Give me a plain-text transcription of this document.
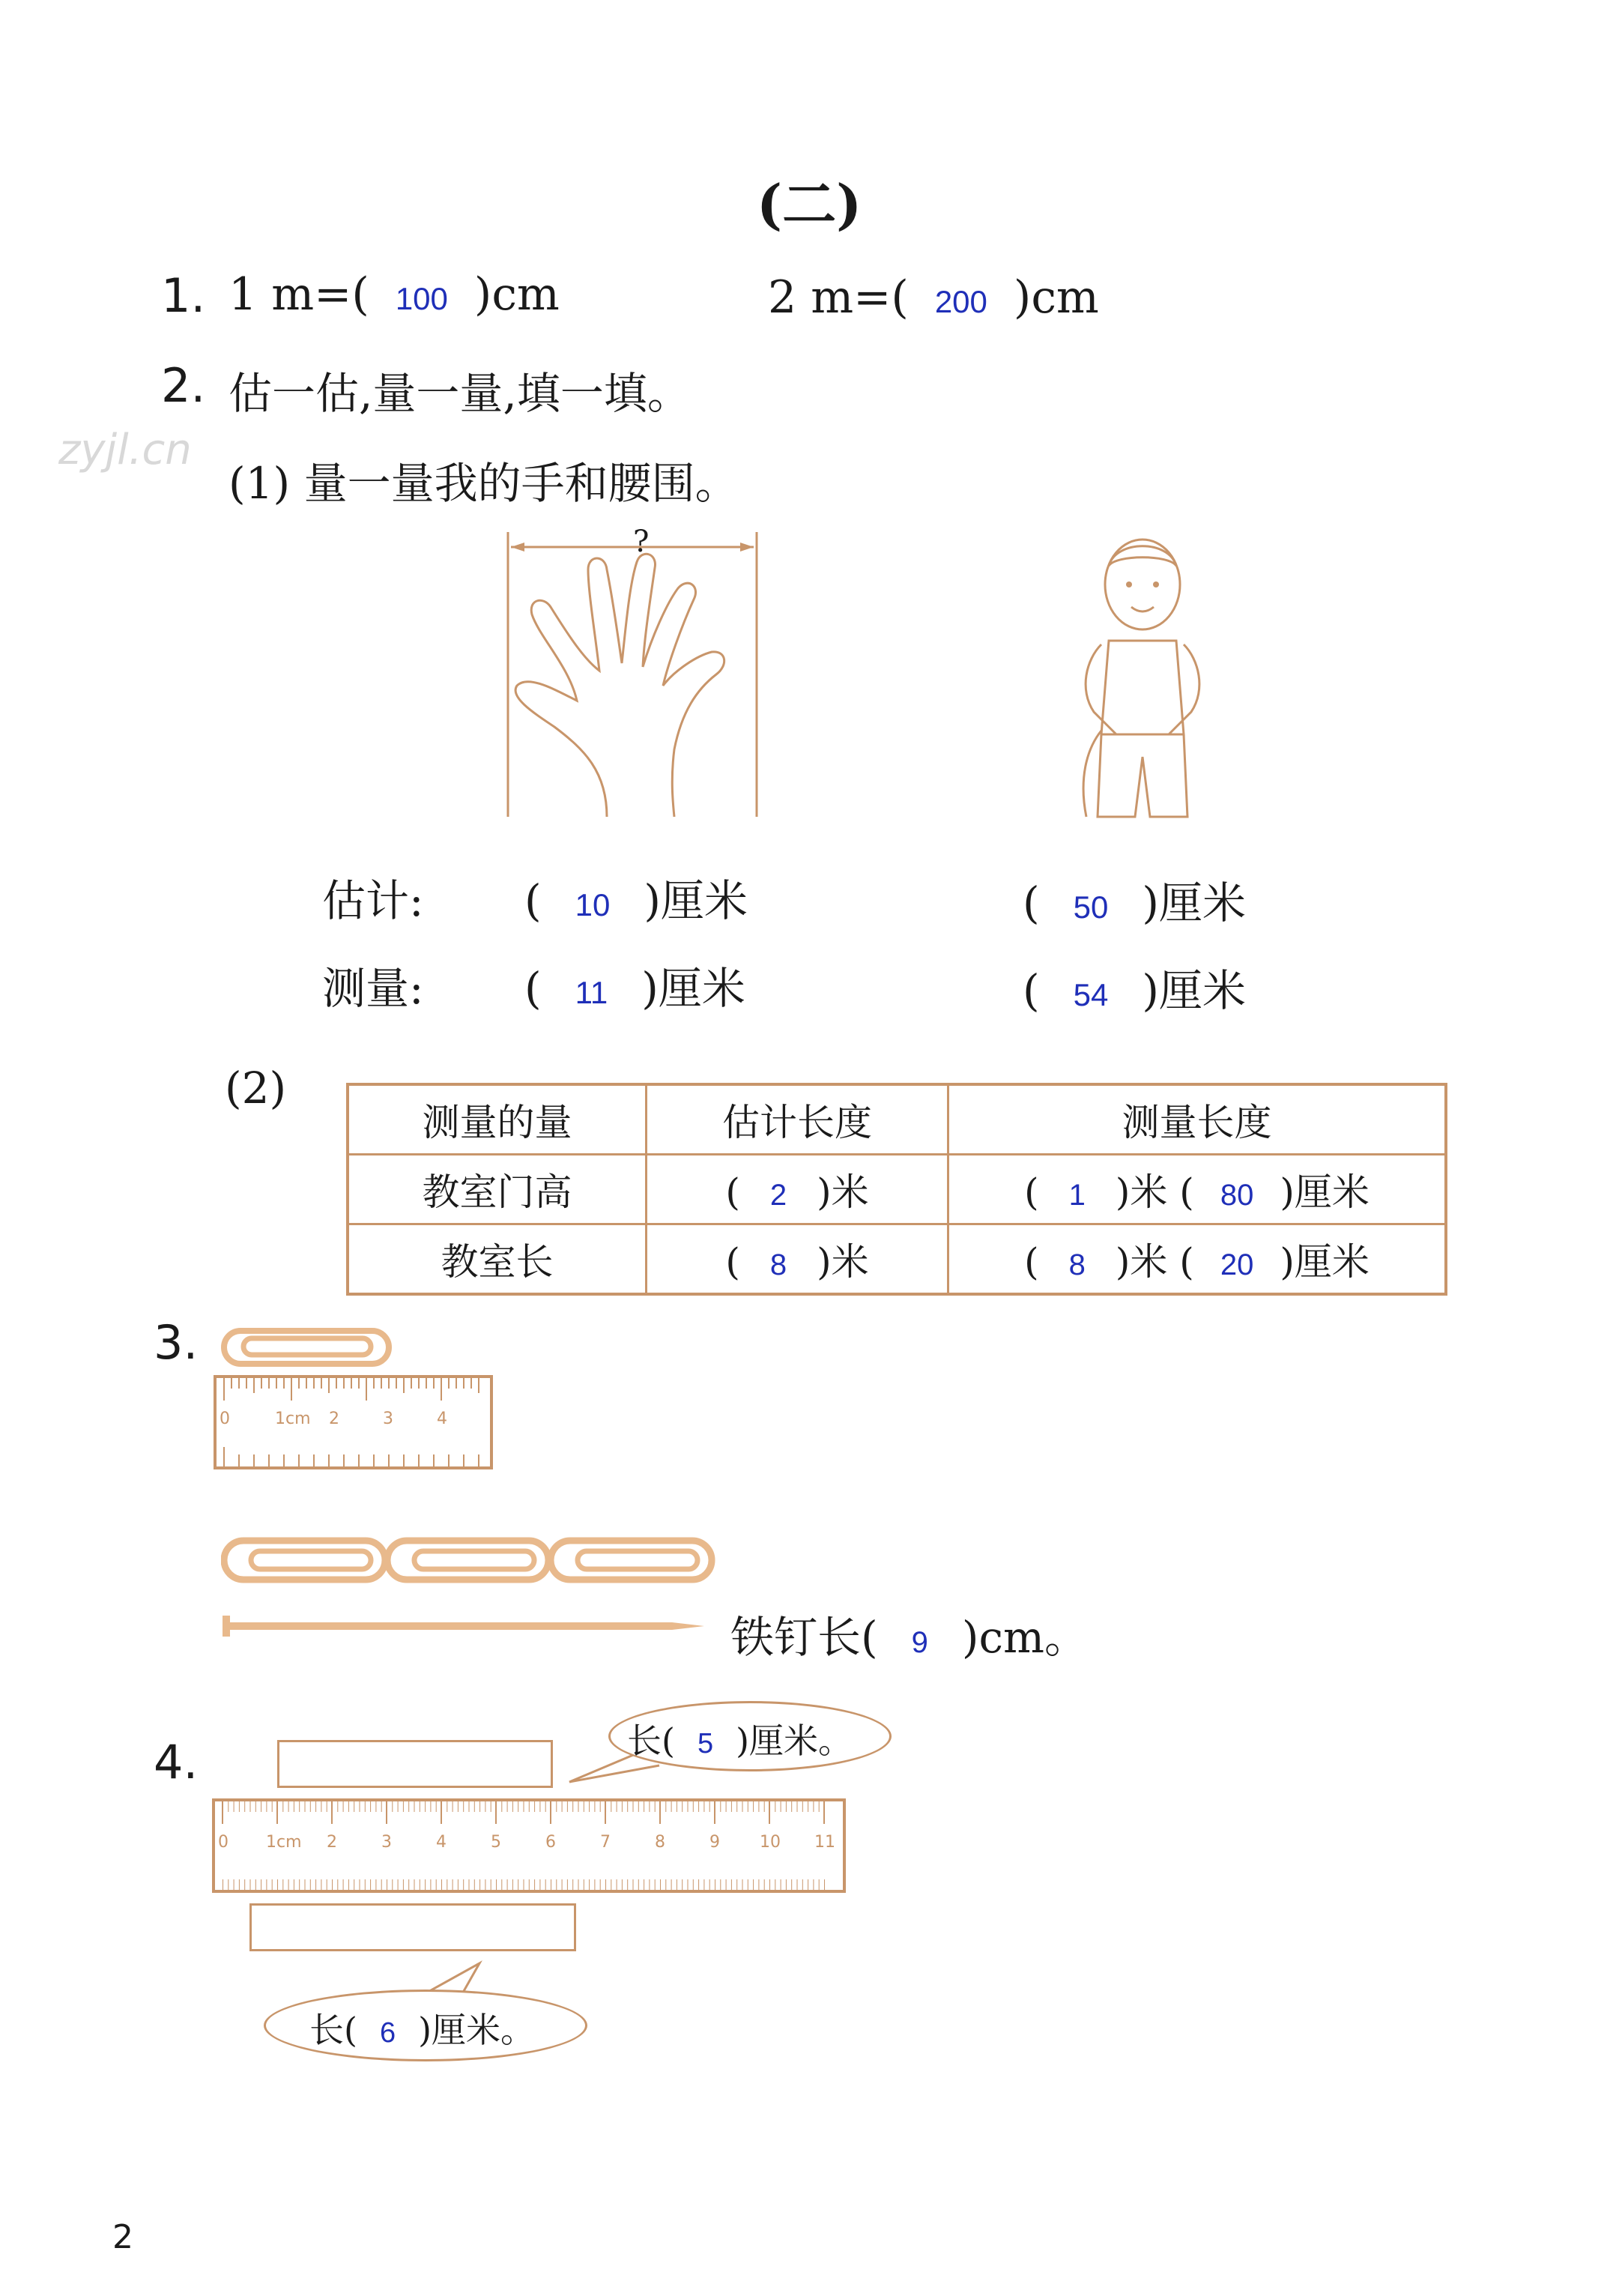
(二)
1. 1 m=( 100 )cm	2 m=( 200 )cm
2. 估一估,量一量,填一填。
zyjl.cn
(1) 量一量我的手和腰围。
?
估计: ( 10 )厘米	( 50 )厘米
测量: ( 11 )厘米	( 54 )厘米
(2)
测量的量	估计长度	测量长度
教室门高	( 2 )米	( 1 )米 ( 80 )厘米
教室长	( 8 )米	( 8 )米 ( 20 )厘米
3.
0	1cm 2	3	4
铁钉长( 9 )cm。
4.	长( 5 )厘米。
0 1cm 2	3	4	5	6	7	8	9 10 11
长( 6 )厘米。
2
